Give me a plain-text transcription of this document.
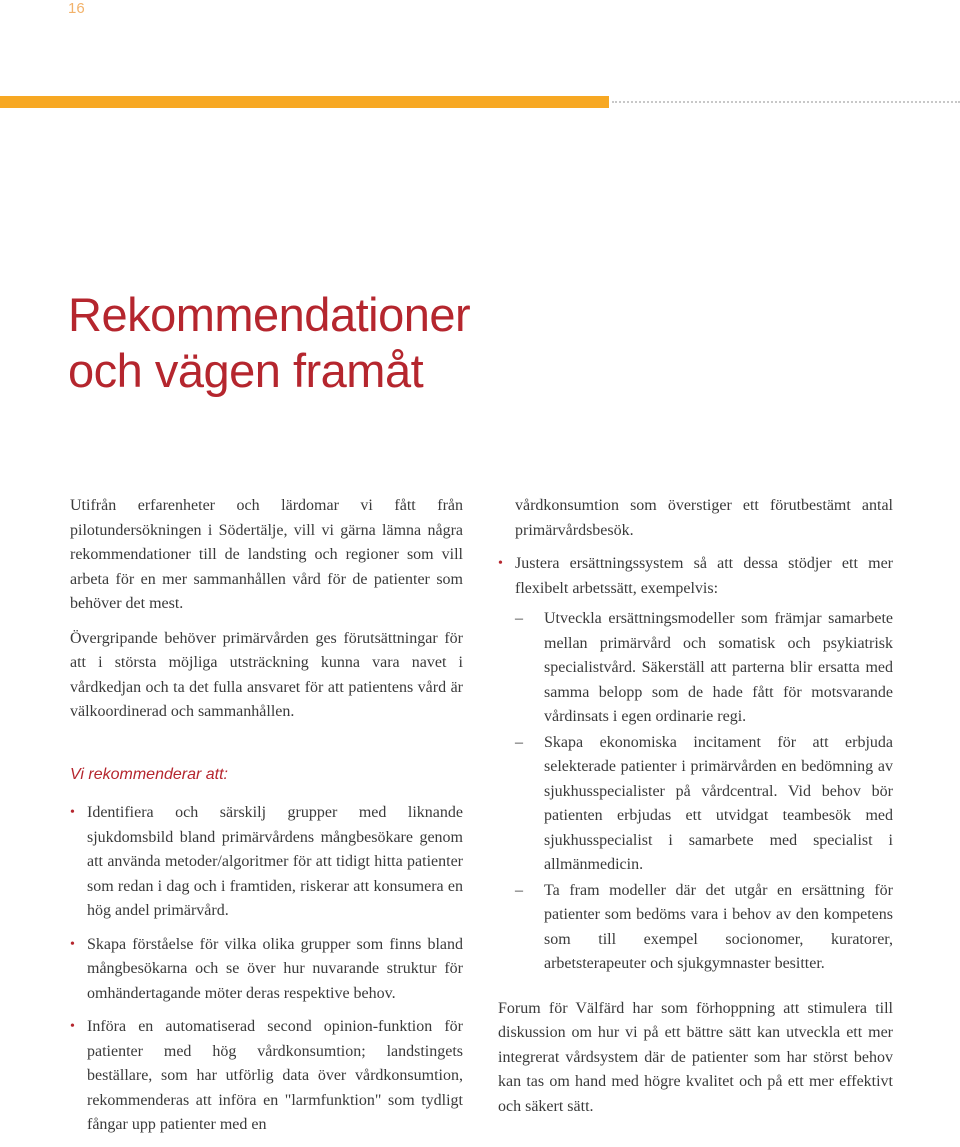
16
Rekommendationer
och vägen framåt

Utifrån erfarenheter och lärdomar vi fått från pilotundersökningen i Södertälje, vill vi gärna lämna några rekommendationer till de landsting och regioner som vill arbeta för en mer sammanhållen vård för de patienter som behöver det mest.

Övergripande behöver primärvården ges förutsättningar för att i största möjliga utsträckning kunna vara navet i vårdkedjan och ta det fulla ansvaret för att patientens vård är välkoordinerad och sammanhållen.

Vi rekommenderar att:
• Identifiera och särskilj grupper med liknande sjukdomsbild bland primärvårdens mångbesökare genom att använda metoder/algoritmer för att tidigt hitta patienter som redan i dag och i framtiden, riskerar att konsumera en hög andel primärvård.
• Skapa förståelse för vilka olika grupper som finns bland mångbesökarna och se över hur nuvarande struktur för omhändertagande möter deras respektive behov.
• Införa en automatiserad second opinion-funktion för patienter med hög vårdkonsumtion; landstingets beställare, som har utförlig data över vårdkonsumtion, rekommenderas att införa en "larmfunktion" som tydligt fångar upp patienter med en

vårdkonsumtion som överstiger ett förutbestämt antal primärvårdsbesök.

• Justera ersättningssystem så att dessa stödjer ett mer flexibelt arbetssätt, exempelvis:
– Utveckla ersättningsmodeller som främjar samarbete mellan primärvård och somatisk och psykiatrisk specialistvård. Säkerställ att parterna blir ersatta med samma belopp som de hade fått för motsvarande vårdinsats i egen ordinarie regi.
– Skapa ekonomiska incitament för att erbjuda selekterade patienter i primärvården en bedömning av sjukhusspecialister på vårdcentral. Vid behov bör patienten erbjudas ett utvidgat teambesök med sjukhusspecialist i samarbete med specialist i allmänmedicin.
– Ta fram modeller där det utgår en ersättning för patienter som bedöms vara i behov av den kompetens som till exempel socionomer, kuratorer, arbetsterapeuter och sjukgymnaster besitter.

Forum för Välfärd har som förhoppning att stimulera till diskussion om hur vi på ett bättre sätt kan utveckla ett mer integrerat vårdsystem där de patienter som har störst behov kan tas om hand med högre kvalitet och på ett mer effektivt och säkert sätt.
